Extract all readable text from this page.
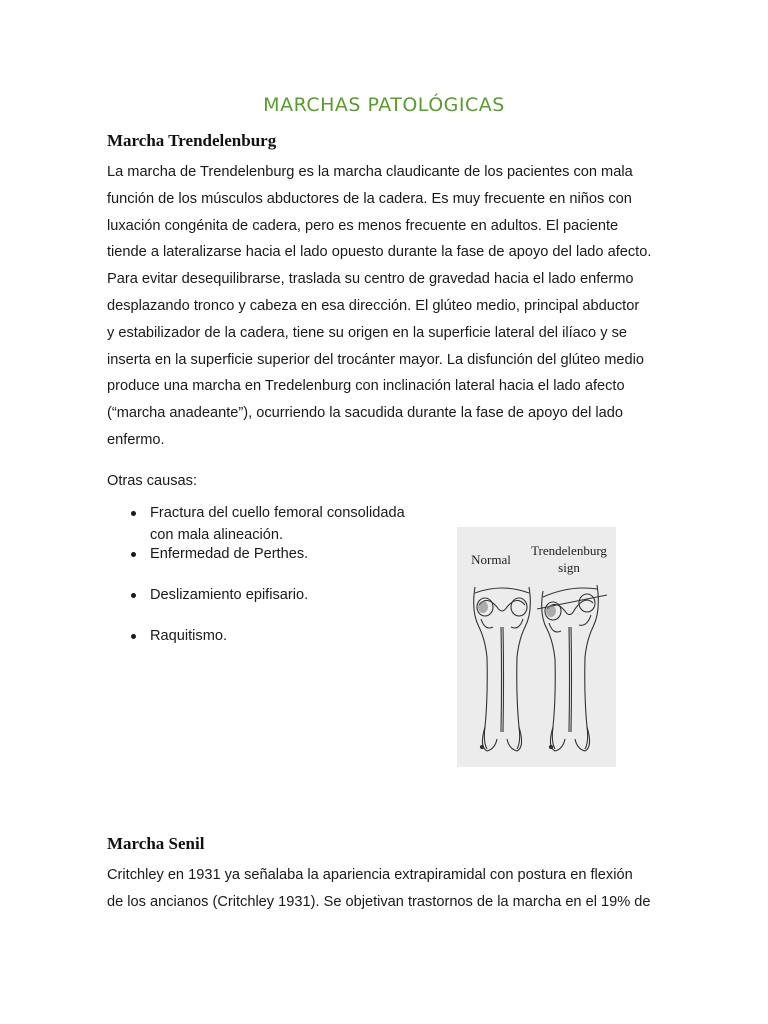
MARCHAS PATOLÓGICAS
Marcha Trendelenburg
La marcha de Trendelenburg es la marcha claudicante de los pacientes con mala
función de los músculos abductores de la cadera. Es muy frecuente en niños con
luxación congénita de cadera, pero es menos frecuente en adultos. El paciente
tiende a lateralizarse hacia el lado opuesto durante la fase de apoyo del lado afecto.
Para evitar desequilibrarse, traslada su centro de gravedad hacia el lado enfermo
desplazando tronco y cabeza en esa dirección. El glúteo medio, principal abductor
y estabilizador de la cadera, tiene su origen en la superficie lateral del ilíaco y se
inserta en la superficie superior del trocánter mayor. La disfunción del glúteo medio
produce una marcha en Tredelenburg con inclinación lateral hacia el lado afecto
(“marcha anadeante”), ocurriendo la sacudida durante la fase de apoyo del lado
enfermo.
Otras causas:
Fractura del cuello femoral consolidada con mala alineación.
Enfermedad de Perthes.
Deslizamiento epifisario.
Raquitismo.
Normal
Trendelenburg
sign
Marcha Senil
Critchley en 1931 ya señalaba la apariencia extrapiramidal con postura en flexión
de los ancianos (Critchley 1931). Se objetivan trastornos de la marcha en el 19% de
